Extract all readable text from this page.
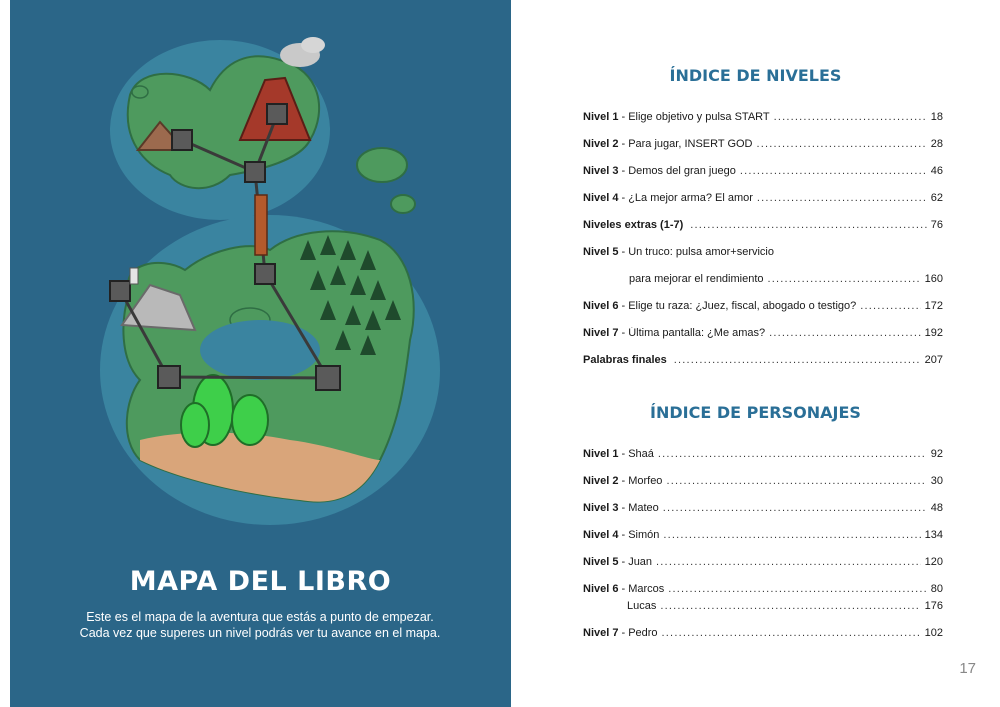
MAPA DEL LIBRO
Este es el mapa de la aventura que estás a punto de empezar.
Cada vez que superes un nivel podrás ver tu avance en el mapa.
ÍNDICE DE NIVELES
Nivel 1 - Elige objetivo y pulsa START .....	18
Nivel 2 - Para jugar, INSERT GOD .....	28
Nivel 3 - Demos del gran juego .....	46
Nivel 4 - ¿La mejor arma? El amor .....	62
Niveles extras (1-7) .....	76
Nivel 5 - Un truco: pulsa amor+servicio
para mejorar el rendimiento .....	160
Nivel 6 - Elige tu raza: ¿Juez, fiscal, abogado o testigo? .....	172
Nivel 7 - Última pantalla: ¿Me amas? .....	192
Palabras finales .....	207
ÍNDICE DE PERSONAJES
Nivel 1 - Shaá .....	92
Nivel 2 - Morfeo .....	30
Nivel 3 - Mateo .....	48
Nivel 4 - Simón .....	134
Nivel 5 - Juan .....	120
Nivel 6 - Marcos .....	80
Lucas .....	176
Nivel 7 - Pedro .....	102
17
